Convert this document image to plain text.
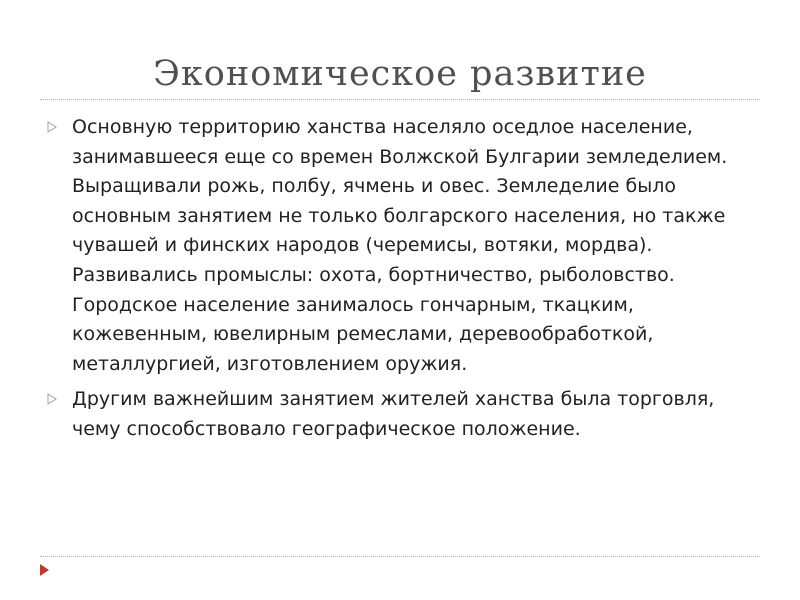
Экономическое развитие
Основную территорию ханства населяло оседлое население, занимавшееся еще со времен Волжской Булгарии земледелием. Выращивали рожь, полбу, ячмень и овес. Земледелие было основным занятием не только болгарского населения, но также чувашей и финских народов (черемисы, вотяки, мордва). Развивались промыслы: охота, бортничество, рыболовство. Городское население занималось гончарным, ткацким, кожевенным, ювелирным ремеслами, деревообработкой, металлургией, изготовлением оружия.
Другим важнейшим занятием жителей ханства была торговля, чему способствовало географическое положение.
